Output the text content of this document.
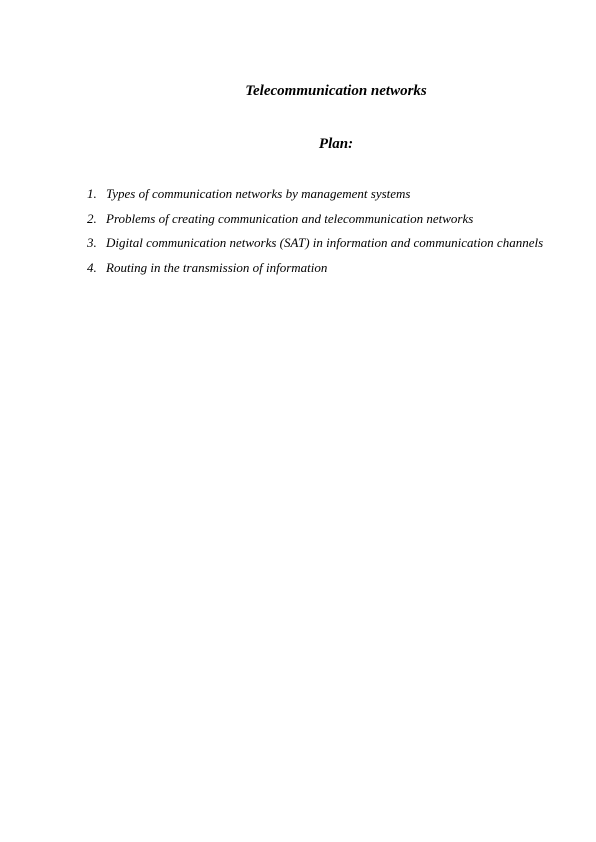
Telecommunication networks
Plan:
1. Types of communication networks by management systems
2. Problems of creating communication and telecommunication networks
3. Digital communication networks (SAT) in information and communication channels
4. Routing in the transmission of information
